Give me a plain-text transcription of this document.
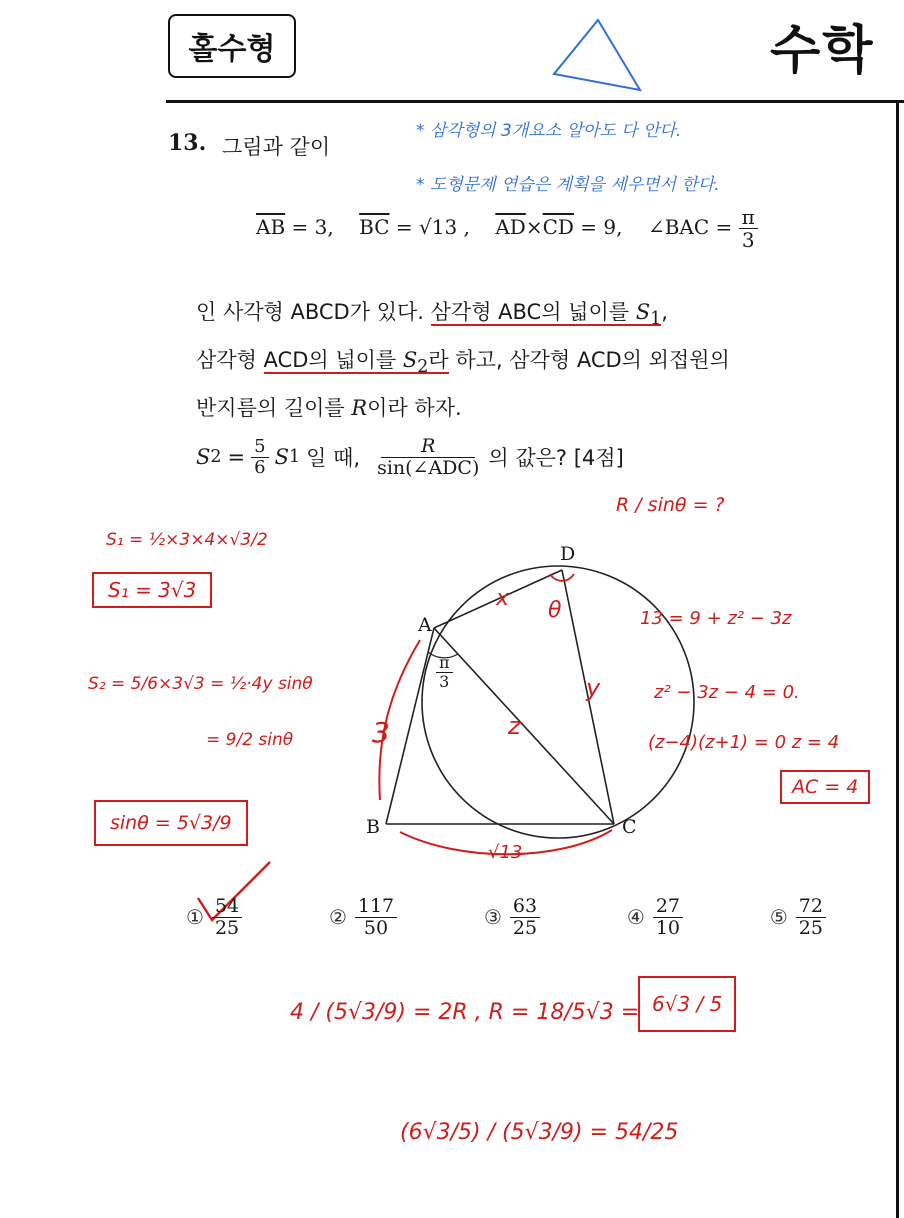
홀수형	수학
13. 그림과 같이
* 삼각형의 3개요소 알아도 다 안다.
* 도형문제 연습은 계획을 세우면서 한다.
$\overline{AB} = 3$, $\overline{BC} = √13$ , $\overline{AD}\times\overline{CD} = 9$, ∠BAC = $\frac{\pi}{3}$
인 사각형 ABCD가 있다. 삼각형 ABC의 넓이를 $S_1$,
삼각형 ACD의 넓이를 $S_2$라 하고, 삼각형 ACD의 외접원의
반지름의 길이를 R이라 하자.
S $2 = \frac{5}{6}$ S 1 일 때, $\frac{R}{\text{sin(∠ADC)}}$ 의 값은? [4점]
A
B	C
D
$\frac{\pi}{3}$
x
y
z
θ
3
√13
S₁ = ½×3×4×√3/2
S₁ = 3√3
S₂ = 5/6×3√3 = ½·4y sinθ
= 9/2 sinθ
sinθ = 5√3/9
R / sinθ = ?
13 = 9 + z² − 3z
z² − 3z − 4 = 0.
(z−4)(z+1) = 0 z = 4
AC = 4
① $\frac{54}{25}$	② $\frac{117}{50}$	③ $\frac{63}{25}$	④ $\frac{27}{10}$	⑤ $\frac{72}{25}$
4 / (5√3/9) = 2R , R = 18/5√3 = 6√3 / 5
(6√3/5) / (5√3/9) = 54/25
